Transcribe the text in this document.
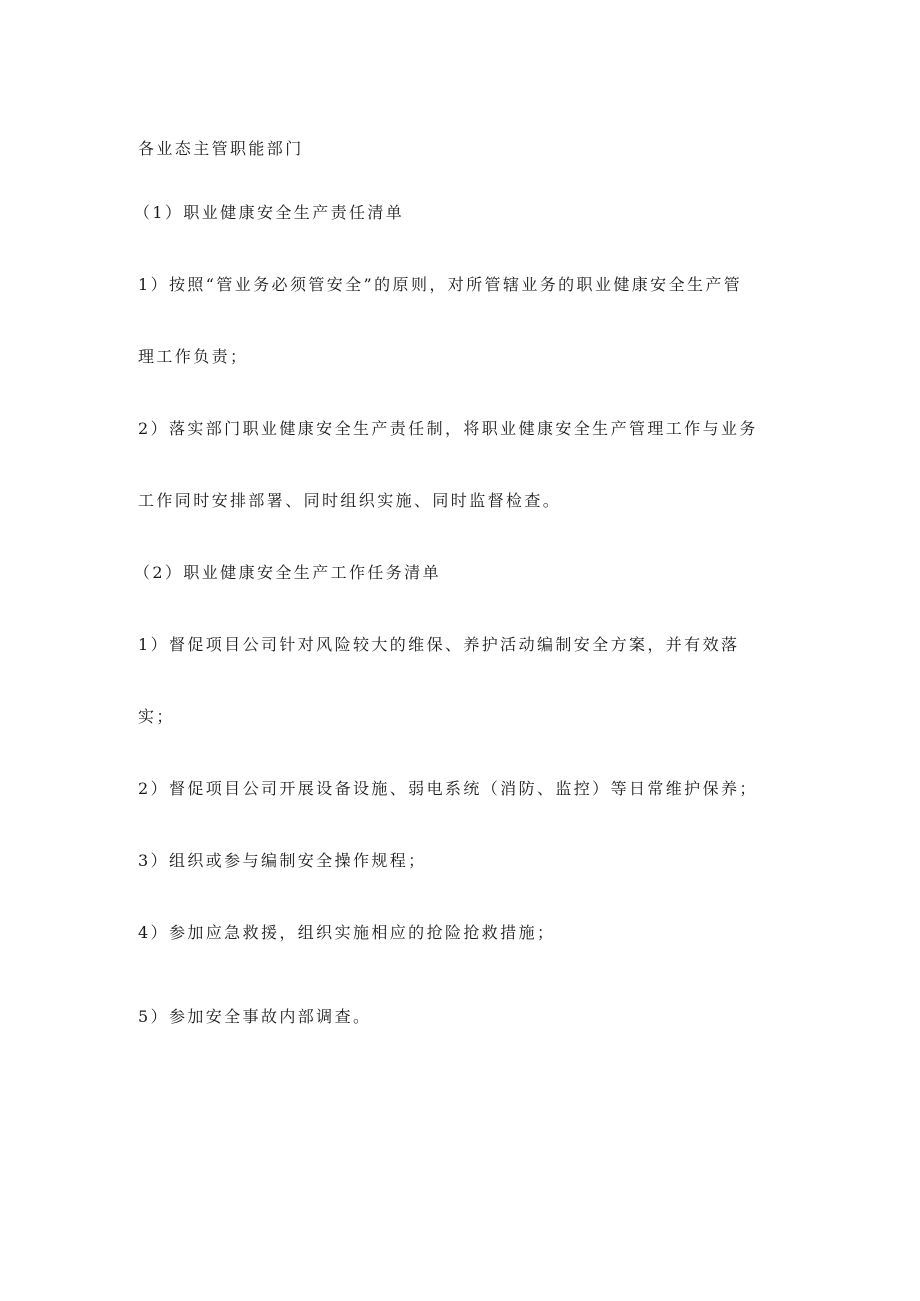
各业态主管职能部门
（1）职业健康安全生产责任清单
1）按照“管业务必须管安全”的原则，对所管辖业务的职业健康安全生产管
理工作负责；
2）落实部门职业健康安全生产责任制，将职业健康安全生产管理工作与业务
工作同时安排部署、同时组织实施、同时监督检查。
（2）职业健康安全生产工作任务清单
1）督促项目公司针对风险较大的维保、养护活动编制安全方案，并有效落
实；
2）督促项目公司开展设备设施、弱电系统（消防、监控）等日常维护保养；
3）组织或参与编制安全操作规程；
4）参加应急救援，组织实施相应的抢险抢救措施；
5）参加安全事故内部调查。
